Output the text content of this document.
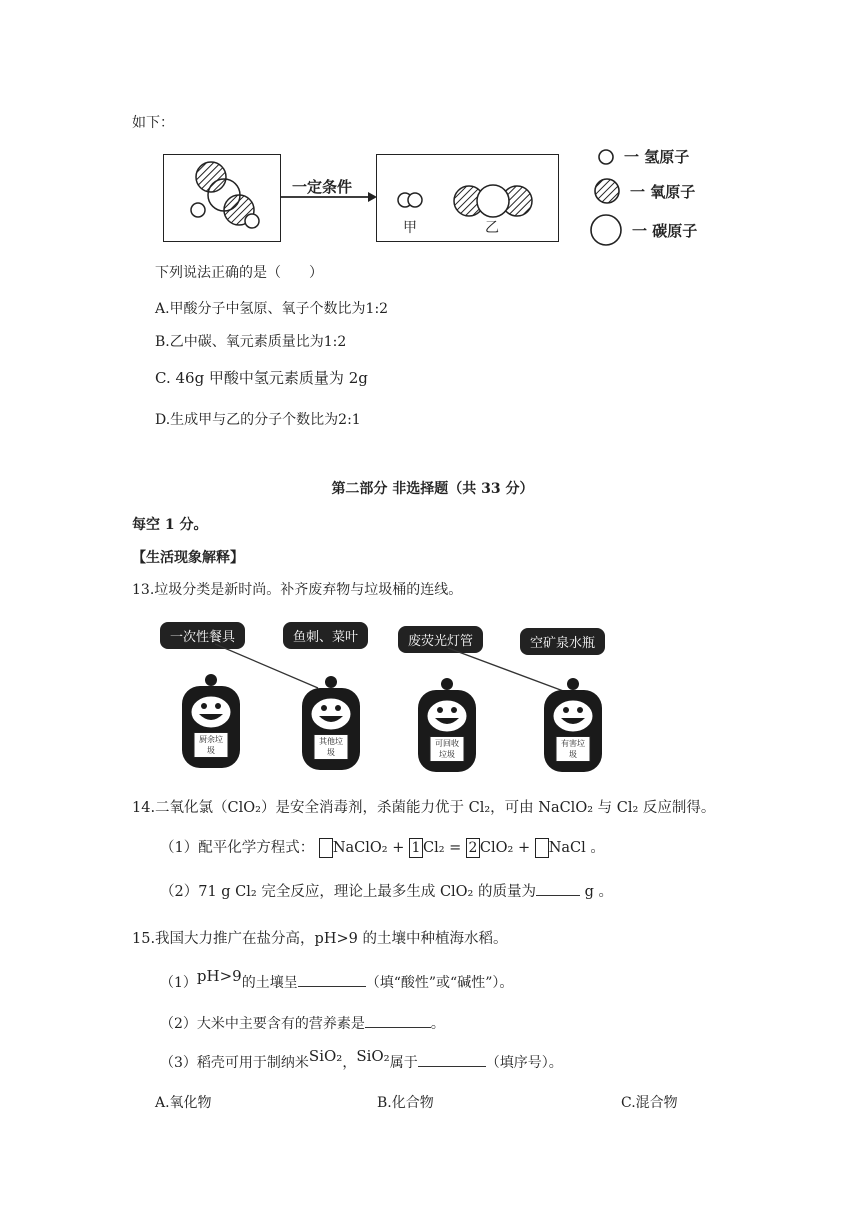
如下：
一定条件
甲	乙
一 氢原子
一 氧原子
一 碳原子
下列说法正确的是（　　）
A.甲酸分子中氢原、氧子个数比为1:2
B.乙中碳、氧元素质量比为1:2
C. 46g 甲酸中氢元素质量为 2g
D.生成甲与乙的分子个数比为2:1
第二部分 非选择题（共 33 分）
每空 1 分。
【生活现象解释】
13.垃圾分类是新时尚。补齐废弃物与垃圾桶的连线。
一次性餐具	鱼刺、菜叶	废荧光灯管	空矿泉水瓶
厨余垃圾
其他垃圾
可回收垃圾
有害垃圾
14.二氧化氯（ClO₂）是安全消毒剂，杀菌能力优于 Cl₂，可由 NaClO₂ 与 Cl₂ 反应制得。
（1）配平化学方程式： NaClO₂ + 1 Cl₂ = 2 ClO₂ + NaCl 。
（2）71 g Cl₂ 完全反应，理论上最多生成 ClO₂ 的质量为	g 。
15.我国大力推广在盐分高，pH>9 的土壤中种植海水稻。
（1）pH>9的土壤呈	（填“酸性”或“碱性”）。
（2）大米中主要含有的营养素是	。
（3）稻壳可用于制纳米SiO₂，SiO₂属于	（填序号）。
A.氧化物	B.化合物	C.混合物
